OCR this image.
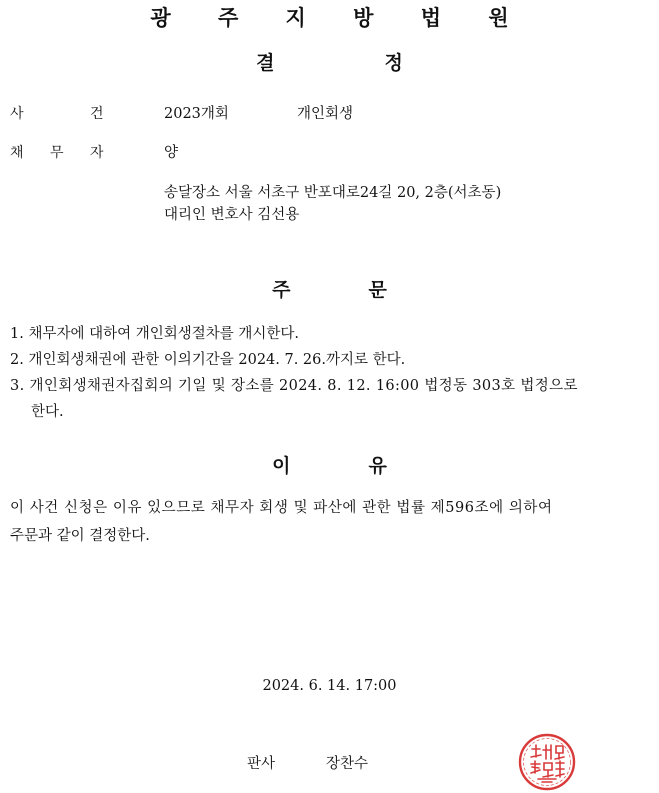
광 주 지 방 법 원
결	정
사	건	2023개회	개인회생
채 무 자	양
송달장소 서울 서초구 반포대로24길 20, 2층(서초동)
대리인 변호사 김선용
주	문
1. 채무자에 대하여 개인회생절차를 개시한다.
2. 개인회생채권에 관한 이의기간을 2024. 7. 26.까지로 한다.
3. 개인회생채권자집회의 기일 및 장소를 2024. 8. 12. 16:00 법정동 303호 법정으로
한다.
이	유
이 사건 신청은 이유 있으므로 채무자 회생 및 파산에 관한 법률 제596조에 의하여
주문과 같이 결정한다.
2024. 6. 14. 17:00
판사	장찬수
